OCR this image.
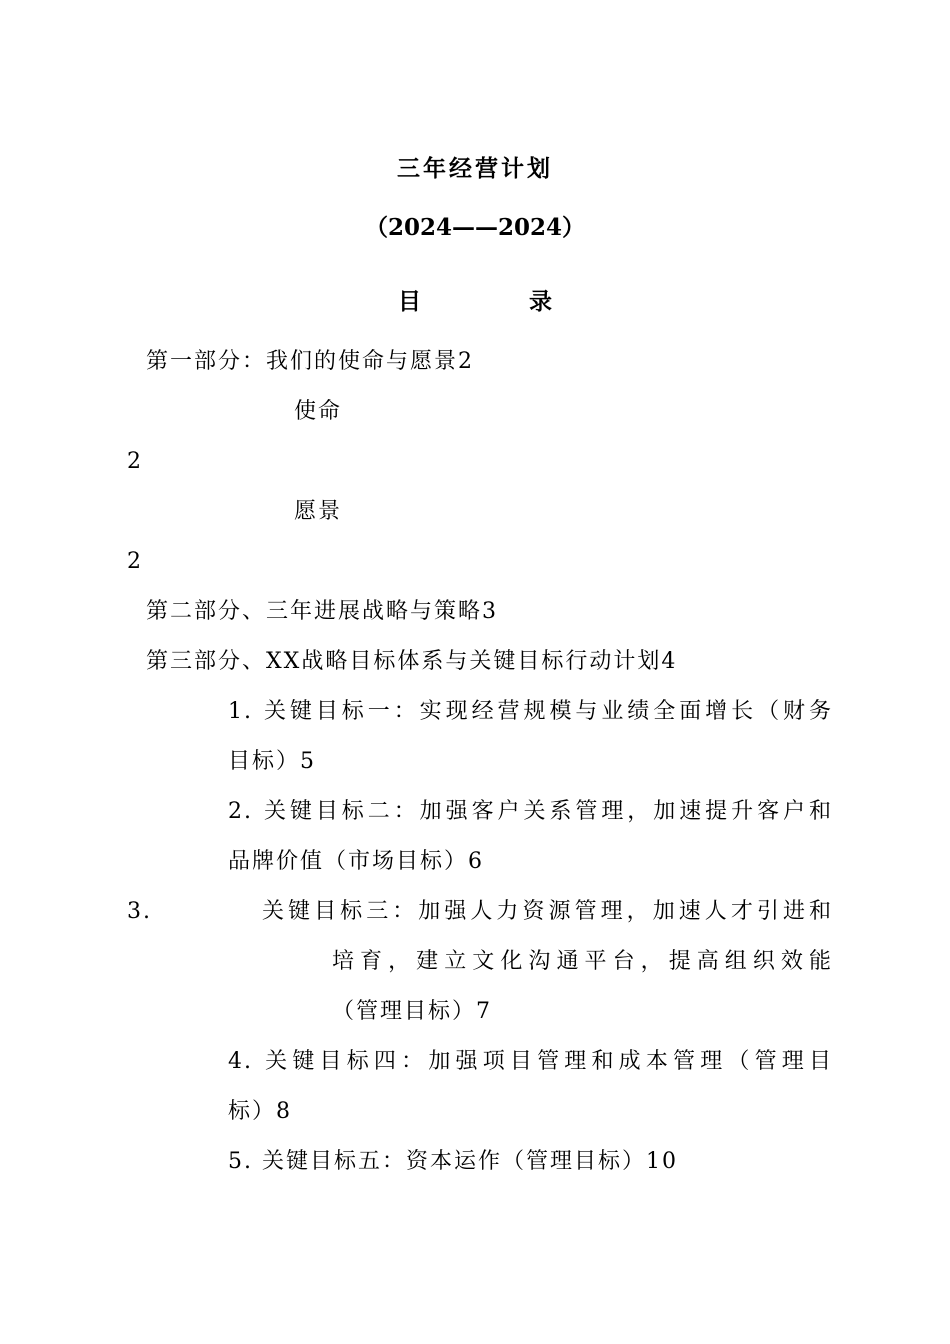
三年经营计划
（2024——2024）
目 录
第一部分：我们的使命与愿景2
使命
2
愿景
2
第二部分、三年进展战略与策略3
第三部分、XX战略目标体系与关键目标行动计划4
1. 关键目标一：实现经营规模与业绩全面增长（财务
目标）5
2. 关键目标二：加强客户关系管理，加速提升客户和
品牌价值（市场目标）6
3.	关键目标三：加强人力资源管理，加速人才引进和
培育，建立文化沟通平台，提高组织效能
（管理目标）7
4. 关键目标四：加强项目管理和成本管理（管理目
标）8
5. 关键目标五：资本运作（管理目标）10
